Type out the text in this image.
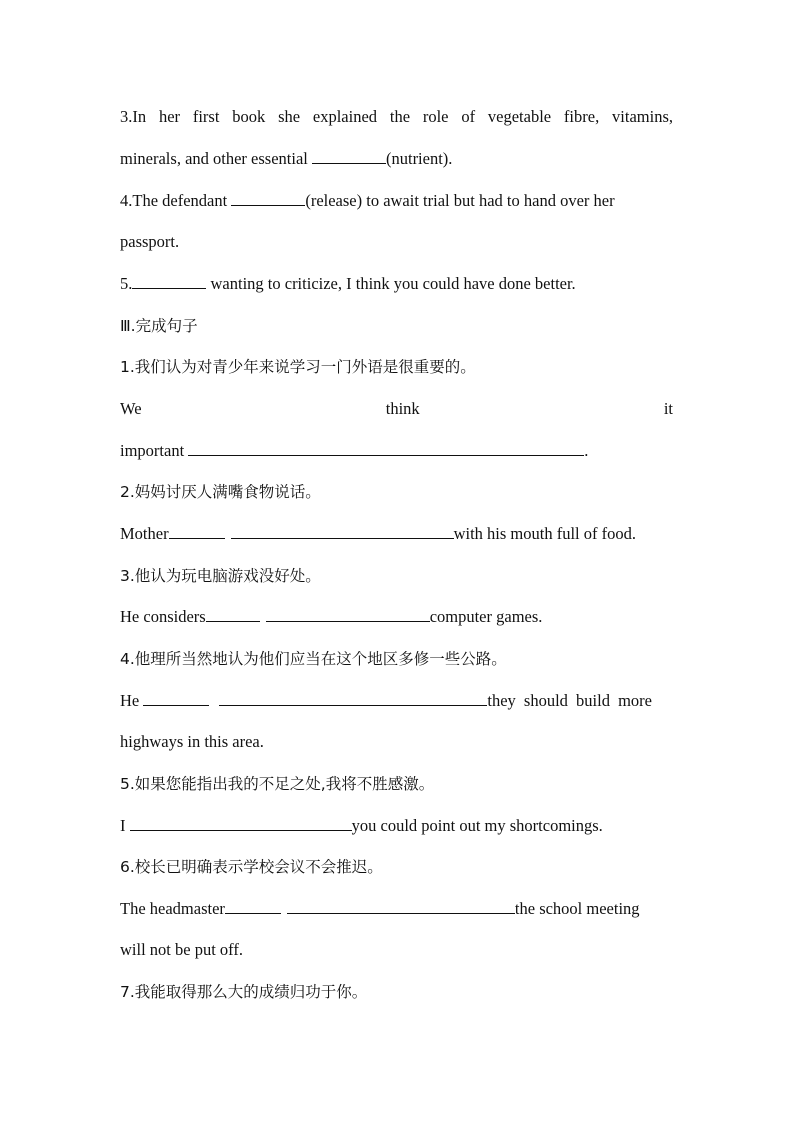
3.In her first book she explained the role of vegetable fibre, vitamins,
minerals, and other essential	(nutrient).
4.The defendant	(release) to await trial but had to hand over her
passport.
5.	wanting to criticize, I think you could have done better.
Ⅲ.完成句子
1.我们认为对青少年来说学习一门外语是很重要的。
We	think	it
important	.
2.妈妈讨厌人满嘴食物说话。
Mother	with his mouth full of food.
3.他认为玩电脑游戏没好处。
He considers	computer games.
4.他理所当然地认为他们应当在这个地区多修一些公路。
He	they should build more
highways in this area.
5.如果您能指出我的不足之处,我将不胜感激。
I	you could point out my shortcomings.
6.校长已明确表示学校会议不会推迟。
The headmaster	the school meeting
will not be put off.
7.我能取得那么大的成绩归功于你。
